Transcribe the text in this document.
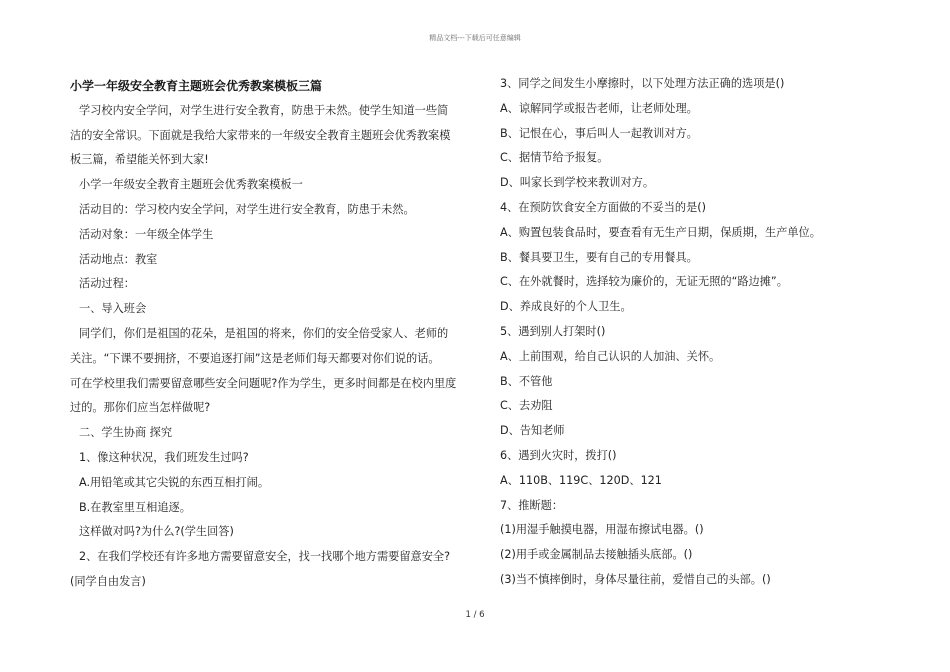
精品文档---下载后可任意编辑

小学一年级安全教育主题班会优秀教案模板三篇

学习校内安全学问，对学生进行安全教育，防患于未然。使学生知道一些简

洁的安全常识。下面就是我给大家带来的一年级安全教育主题班会优秀教案模

板三篇，希望能关怀到大家!

小学一年级安全教育主题班会优秀教案模板一

活动目的：学习校内安全学问，对学生进行安全教育，防患于未然。

活动对象：一年级全体学生

活动地点：教室

活动过程：

一、导入班会

同学们，你们是祖国的花朵，是祖国的将来，你们的安全倍受家人、老师的

关注。“下课不要拥挤，不要追逐打闹”这是老师们每天都要对你们说的话。

可在学校里我们需要留意哪些安全问题呢?作为学生，更多时间都是在校内里度

过的。那你们应当怎样做呢?

二、学生协商 探究

1、像这种状况，我们班发生过吗?

A.用铅笔或其它尖锐的东西互相打闹。

B.在教室里互相追逐。

这样做对吗?为什么?(学生回答)

2、在我们学校还有许多地方需要留意安全，找一找哪个地方需要留意安全?

(同学自由发言)

3、同学之间发生小摩擦时，以下处理方法正确的选项是()

A、谅解同学或报告老师，让老师处理。

B、记恨在心，事后叫人一起教训对方。

C、据情节给予报复。

D、叫家长到学校来教训对方。

4、在预防饮食安全方面做的不妥当的是()

A、购置包装食品时，要查看有无生产日期，保质期，生产单位。

B、餐具要卫生，要有自己的专用餐具。

C、在外就餐时，选择较为廉价的，无证无照的“路边摊”。

D、养成良好的个人卫生。

5、遇到别人打架时()

A、上前围观，给自己认识的人加油、关怀。

B、不管他

C、去劝阻

D、告知老师

6、遇到火灾时，拨打()

A、110B、119C、120D、121

7、推断题：

(1)用湿手触摸电器，用湿布擦试电器。()

(2)用手或金属制品去接触插头底部。()

(3)当不慎摔倒时，身体尽量往前，爱惜自己的头部。()

1 / 6
